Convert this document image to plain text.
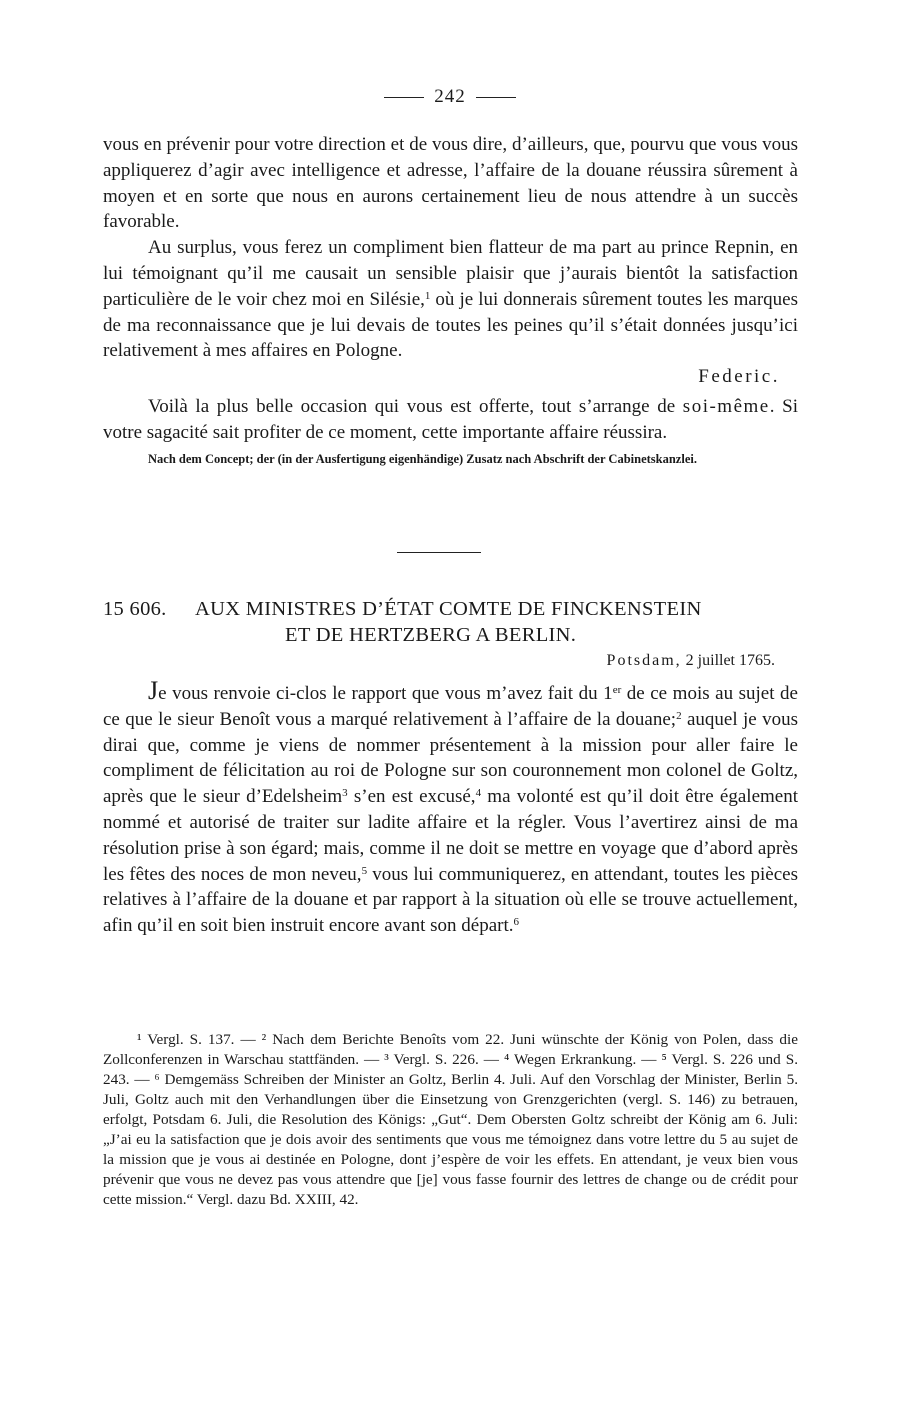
242

vous en prévenir pour votre direction et de vous dire, d’ailleurs, que, pourvu que vous vous appliquerez d’agir avec intelligence et adresse, l’affaire de la douane réussira sûrement à moyen et en sorte que nous en aurons certainement lieu de nous attendre à un succès favorable.

Au surplus, vous ferez un compliment bien flatteur de ma part au prince Repnin, en lui témoignant qu’il me causait un sensible plaisir que j’aurais bientôt la satisfaction particulière de le voir chez moi en Silésie,$^1$ où je lui donnerais sûrement toutes les marques de ma reconnaissance que je lui devais de toutes les peines qu’il s’était données jusqu’ici relativement à mes affaires en Pologne.

Federic.

Voilà la plus belle occasion qui vous est offerte, tout s’arrange de soi-même. Si votre sagacité sait profiter de ce moment, cette importante affaire réussira.

Nach dem Concept; der (in der Ausfertigung eigenhändige) Zusatz nach Abschrift der Cabinetskanzlei.

15 606. AUX MINISTRES D’ÉTAT COMTE DE FINCKENSTEIN
ET DE HERTZBERG A BERLIN.
Potsdam, 2 juillet 1765.

Je vous renvoie ci-clos le rapport que vous m’avez fait du 1er de ce mois au sujet de ce que le sieur Benoît vous a marqué relativement à l’affaire de la douane;$^2$ auquel je vous dirai que, comme je viens de nommer présentement à la mission pour aller faire le compliment de félicitation au roi de Pologne sur son couronnement mon colonel de Goltz, après que le sieur d’Edelsheim$^3$ s’en est excusé,$^4$ ma volonté est qu’il doit être également nommé et autorisé de traiter sur ladite affaire et la régler. Vous l’avertirez ainsi de ma résolution prise à son égard; mais, comme il ne doit se mettre en voyage que d’abord après les fêtes des noces de mon neveu,$^5$ vous lui communiquerez, en attendant, toutes les pièces relatives à l’affaire de la douane et par rapport à la situation où elle se trouve actuellement, afin qu’il en soit bien instruit encore avant son départ.$^6$

¹ Vergl. S. 137. — ² Nach dem Berichte Benoîts vom 22. Juni wünschte der König von Polen, dass die Zollconferenzen in Warschau stattfänden. — ³ Vergl. S. 226. — ⁴ Wegen Erkrankung. — ⁵ Vergl. S. 226 und S. 243. — ⁶ Demgemäss Schreiben der Minister an Goltz, Berlin 4. Juli. Auf den Vorschlag der Minister, Berlin 5. Juli, Goltz auch mit den Verhandlungen über die Einsetzung von Grenzgerichten (vergl. S. 146) zu betrauen, erfolgt, Potsdam 6. Juli, die Resolution des Königs: „Gut“. Dem Obersten Goltz schreibt der König am 6. Juli: „J’ai eu la satisfaction que je dois avoir des sentiments que vous me témoignez dans votre lettre du 5 au sujet de la mission que je vous ai destinée en Pologne, dont j’espère de voir les effets. En attendant, je veux bien vous prévenir que vous ne devez pas vous attendre que [je] vous fasse fournir des lettres de change ou de crédit pour cette mission.“ Vergl. dazu Bd. XXIII, 42.
